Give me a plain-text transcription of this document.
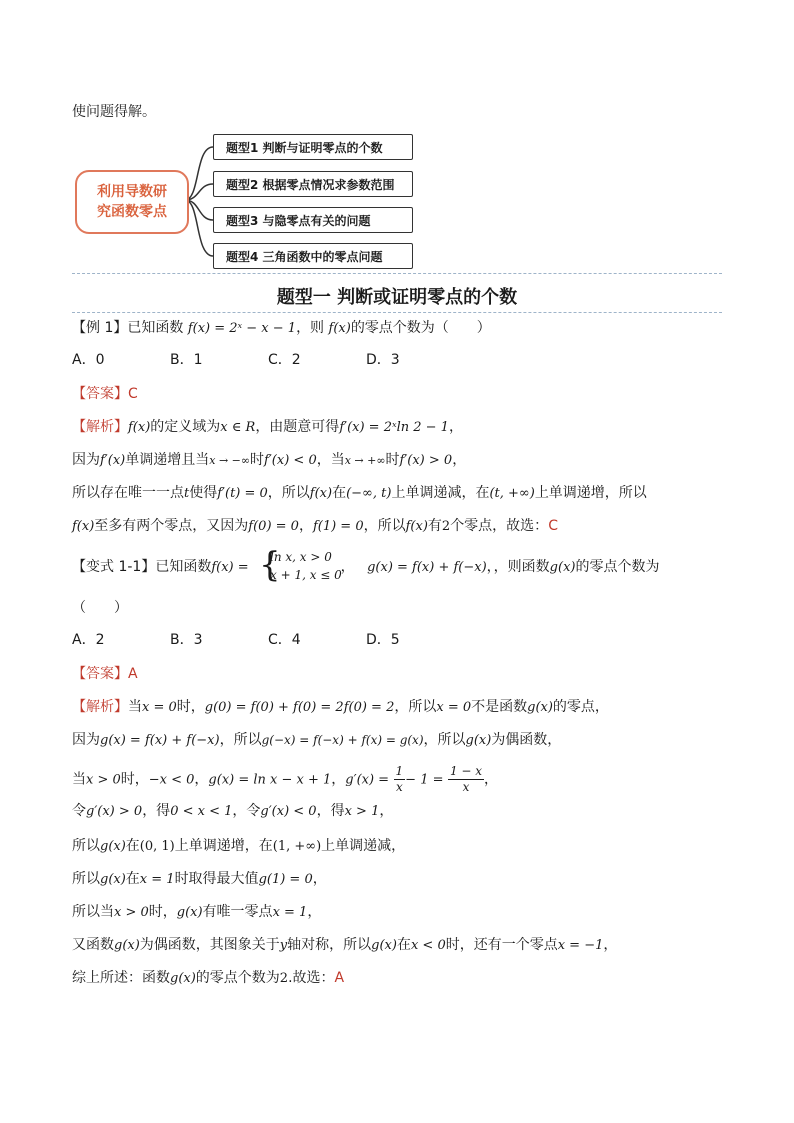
使问题得解。
利用导数研
究函数零点
题型1 判断与证明零点的个数
题型2 根据零点情况求参数范围
题型3 与隐零点有关的问题
题型4 三角函数中的零点问题
题型一 判断或证明零点的个数
【例 1】已知函数 f(x) = 2ˣ − x − 1，则 f(x)的零点个数为（　　）
A．0	B．1	C．2	D．3
【答案】C
【解析】f(x)的定义域为x ∈ R，由题意可得f′(x) = 2ˣln 2 − 1，
因为f′(x)单调递增且当x → −∞时f′(x) < 0，当x → +∞时f′(x) > 0，
所以存在唯一一点t使得f′(t) = 0，所以f(x)在(−∞, t)上单调递减，在(t, +∞)上单调递增，所以
f(x)至多有两个零点，又因为f(0) = 0，f(1) = 0，所以f(x)有2个零点，故选：C
【变式 1-1】已知函数f(x) =	， g(x) = f(x) + f(−x)，，则函数g(x)的零点个数为
{
ln x, x > 0
x + 1, x ≤ 0
（　　）
A．2	B．3	C．4	D．5
【答案】A
【解析】当x = 0时，g(0) = f(0) + f(0) = 2f(0) = 2，所以x = 0不是函数g(x)的零点，
因为g(x) = f(x) + f(−x)，所以g(−x) = f(−x) + f(x) = g(x)，所以g(x)为偶函数，
当x > 0时，−x < 0，g(x) = ln x − x + 1，$g'(x) = \frac{1}{x} - 1 = \frac{1 - x}{x}$ ，
令g′(x) > 0，得0 < x < 1，令g′(x) < 0，得x > 1，
所以g(x)在(0, 1)上单调递增，在(1, +∞)上单调递减，
所以g(x)在x = 1时取得最大值g(1) = 0，
所以当x > 0时，g(x)有唯一零点x = 1，
又函数g(x)为偶函数，其图象关于y轴对称，所以g(x)在x < 0时，还有一个零点x = −1，
综上所述：函数g(x)的零点个数为2.故选：A
